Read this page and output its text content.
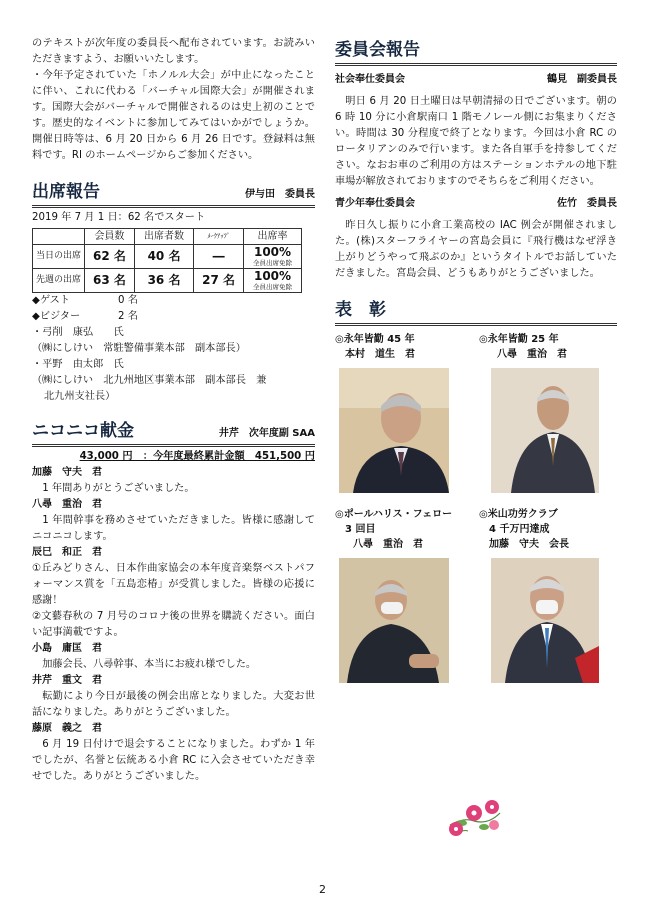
のテキストが次年度の委員長へ配布されています。お読みいただきますよう、お願いいたします。

・今年予定されていた「ホノルル大会」が中止になったことに伴い、これに代わる「バーチャル国際大会」が開催されます。国際大会がバーチャルで開催されるのは史上初のことです。歴史的なイベントに参加してみてはいかがでしょうか。開催日時等は、6 月 20 日から 6 月 26 日です。登録料は無料です。RI のホームページからご参加ください。

出席報告	伊与田　委員長
2019 年 7 月 1 日：62 名でスタート
	会員数	出席者数	ﾒｰｸｱｯﾌﾟ	出席率
当日の出席	62 名	40 名	―	100%
全員出席免除

先週の出席	63 名	36 名	27 名	100%
全員出席免除
◆ゲスト	0 名
◆ビジター	2 名
・弓削　康弘　　氏
（㈱にしけい　常駐警備事業本部　副本部長）
・平野　由太郎　氏
（㈱にしけい　北九州地区事業本部　副本部長　兼
北九州支社長）
ニコニコ献金	井芹　次年度副 SAA
43,000 円　：今年度最終累計金額　451,500 円
加藤　守夫　君

1 年間ありがとうございました。

八尋　重治　君

1 年間幹事を務めさせていただきました。皆様に感謝してニコニコします。

辰巳　和正　君

①丘みどりさん、日本作曲家協会の本年度音楽祭ベストパフォーマンス賞を「五島恋椿」が受賞しました。皆様の応援に感謝！
②文藝春秋の 7 月号のコロナ後の世界を購読ください。面白い記事満載ですよ。

小島　庸匡　君

加藤会長、八尋幹事、本当にお疲れ様でした。

井芹　重文　君

転勤により今日が最後の例会出席となりました。大変お世話になりました。ありがとうございました。

藤原　義之　君

6 月 19 日付けで退会することになりました。わずか 1 年でしたが、名誉と伝統ある小倉 RC に入会させていただき幸せでした。ありがとうございました。

委員会報告
社会奉仕委員会	鶴見　副委員長

明日 6 月 20 日土曜日は早朝清掃の日でございます。朝の 6 時 10 分に小倉駅南口 1 階モノレール側にお集まりください。時間は 30 分程度で終了となります。今回は小倉 RC のロータリアンのみで行います。また各自軍手を持参してください。なおお車のご利用の方はステーションホテルの地下駐車場が解放されておりますのでそちらをご利用ください。

青少年奉仕委員会	佐竹　委員長

昨日久し振りに小倉工業高校の IAC 例会が開催されました。(株)スターフライヤーの宮島会員に『飛行機はなぜ浮き上がりどうやって飛ぶのか』というタイトルでお話していただきました。宮島会員、どうもありがとうございました。

表　彰
◎永年皆勤 45 年
本村　道生　君
◎永年皆勤 25 年
八尋　重治　君
◎ポールハリス・フェロー
3 回目
八尋　重治　君
◎米山功労クラブ
4 千万円達成
加藤　守夫　会長
2
